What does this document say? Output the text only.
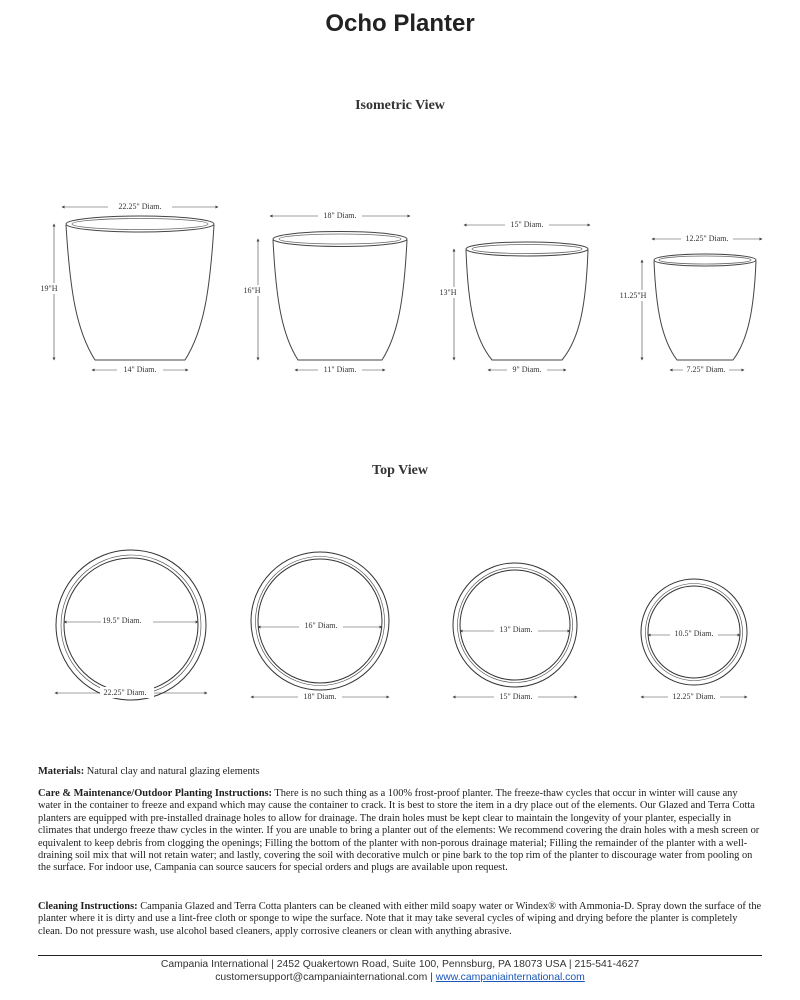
Ocho Planter
Isometric View
Top View
22.25" Diam.
19"H
14" Diam.
18" Diam.
16"H
11" Diam.
15" Diam.
13"H
9" Diam.
12.25" Diam.
11.25"H
7.25" Diam.
19.5" Diam.
22.25" Diam.
16" Diam.
18" Diam.
13" Diam.
15" Diam.
10.5" Diam.
12.25" Diam.
Materials: Natural clay and natural glazing elements
Care & Maintenance/Outdoor Planting Instructions: There is no such thing as a 100% frost-proof planter. The freeze-thaw cycles that occur in winter will cause any water in the container to freeze and expand which may cause the container to crack. It is best to store the item in a dry place out of the elements. Our Glazed and Terra Cotta planters are equipped with pre-installed drainage holes to allow for drainage. The drain holes must be kept clear to maintain the longevity of your planter, especially in climates that undergo freeze thaw cycles in the winter. If you are unable to bring a planter out of the elements: We recommend covering the drain holes with a mesh screen or equivalent to keep debris from clogging the openings; Filling the bottom of the planter with non-porous drainage material; Filling the remainder of the planter with a well-draining soil mix that will not retain water; and lastly, covering the soil with decorative mulch or pine bark to the top rim of the planter to discourage water from pooling on the surface. For indoor use, Campania can source saucers for special orders and plugs are available upon request.
Cleaning Instructions: Campania Glazed and Terra Cotta planters can be cleaned with either mild soapy water or Windex® with Ammonia-D. Spray down the surface of the planter where it is dirty and use a lint-free cloth or sponge to wipe the surface. Note that it may take several cycles of wiping and drying before the planter is completely clean. Do not pressure wash, use alcohol based cleaners, apply corrosive cleaners or clean with anything abrasive.
Campania International | 2452 Quakertown Road, Suite 100, Pennsburg, PA 18073 USA | 215-541-4627
customersupport@campaniainternational.com | www.campaniainternational.com
